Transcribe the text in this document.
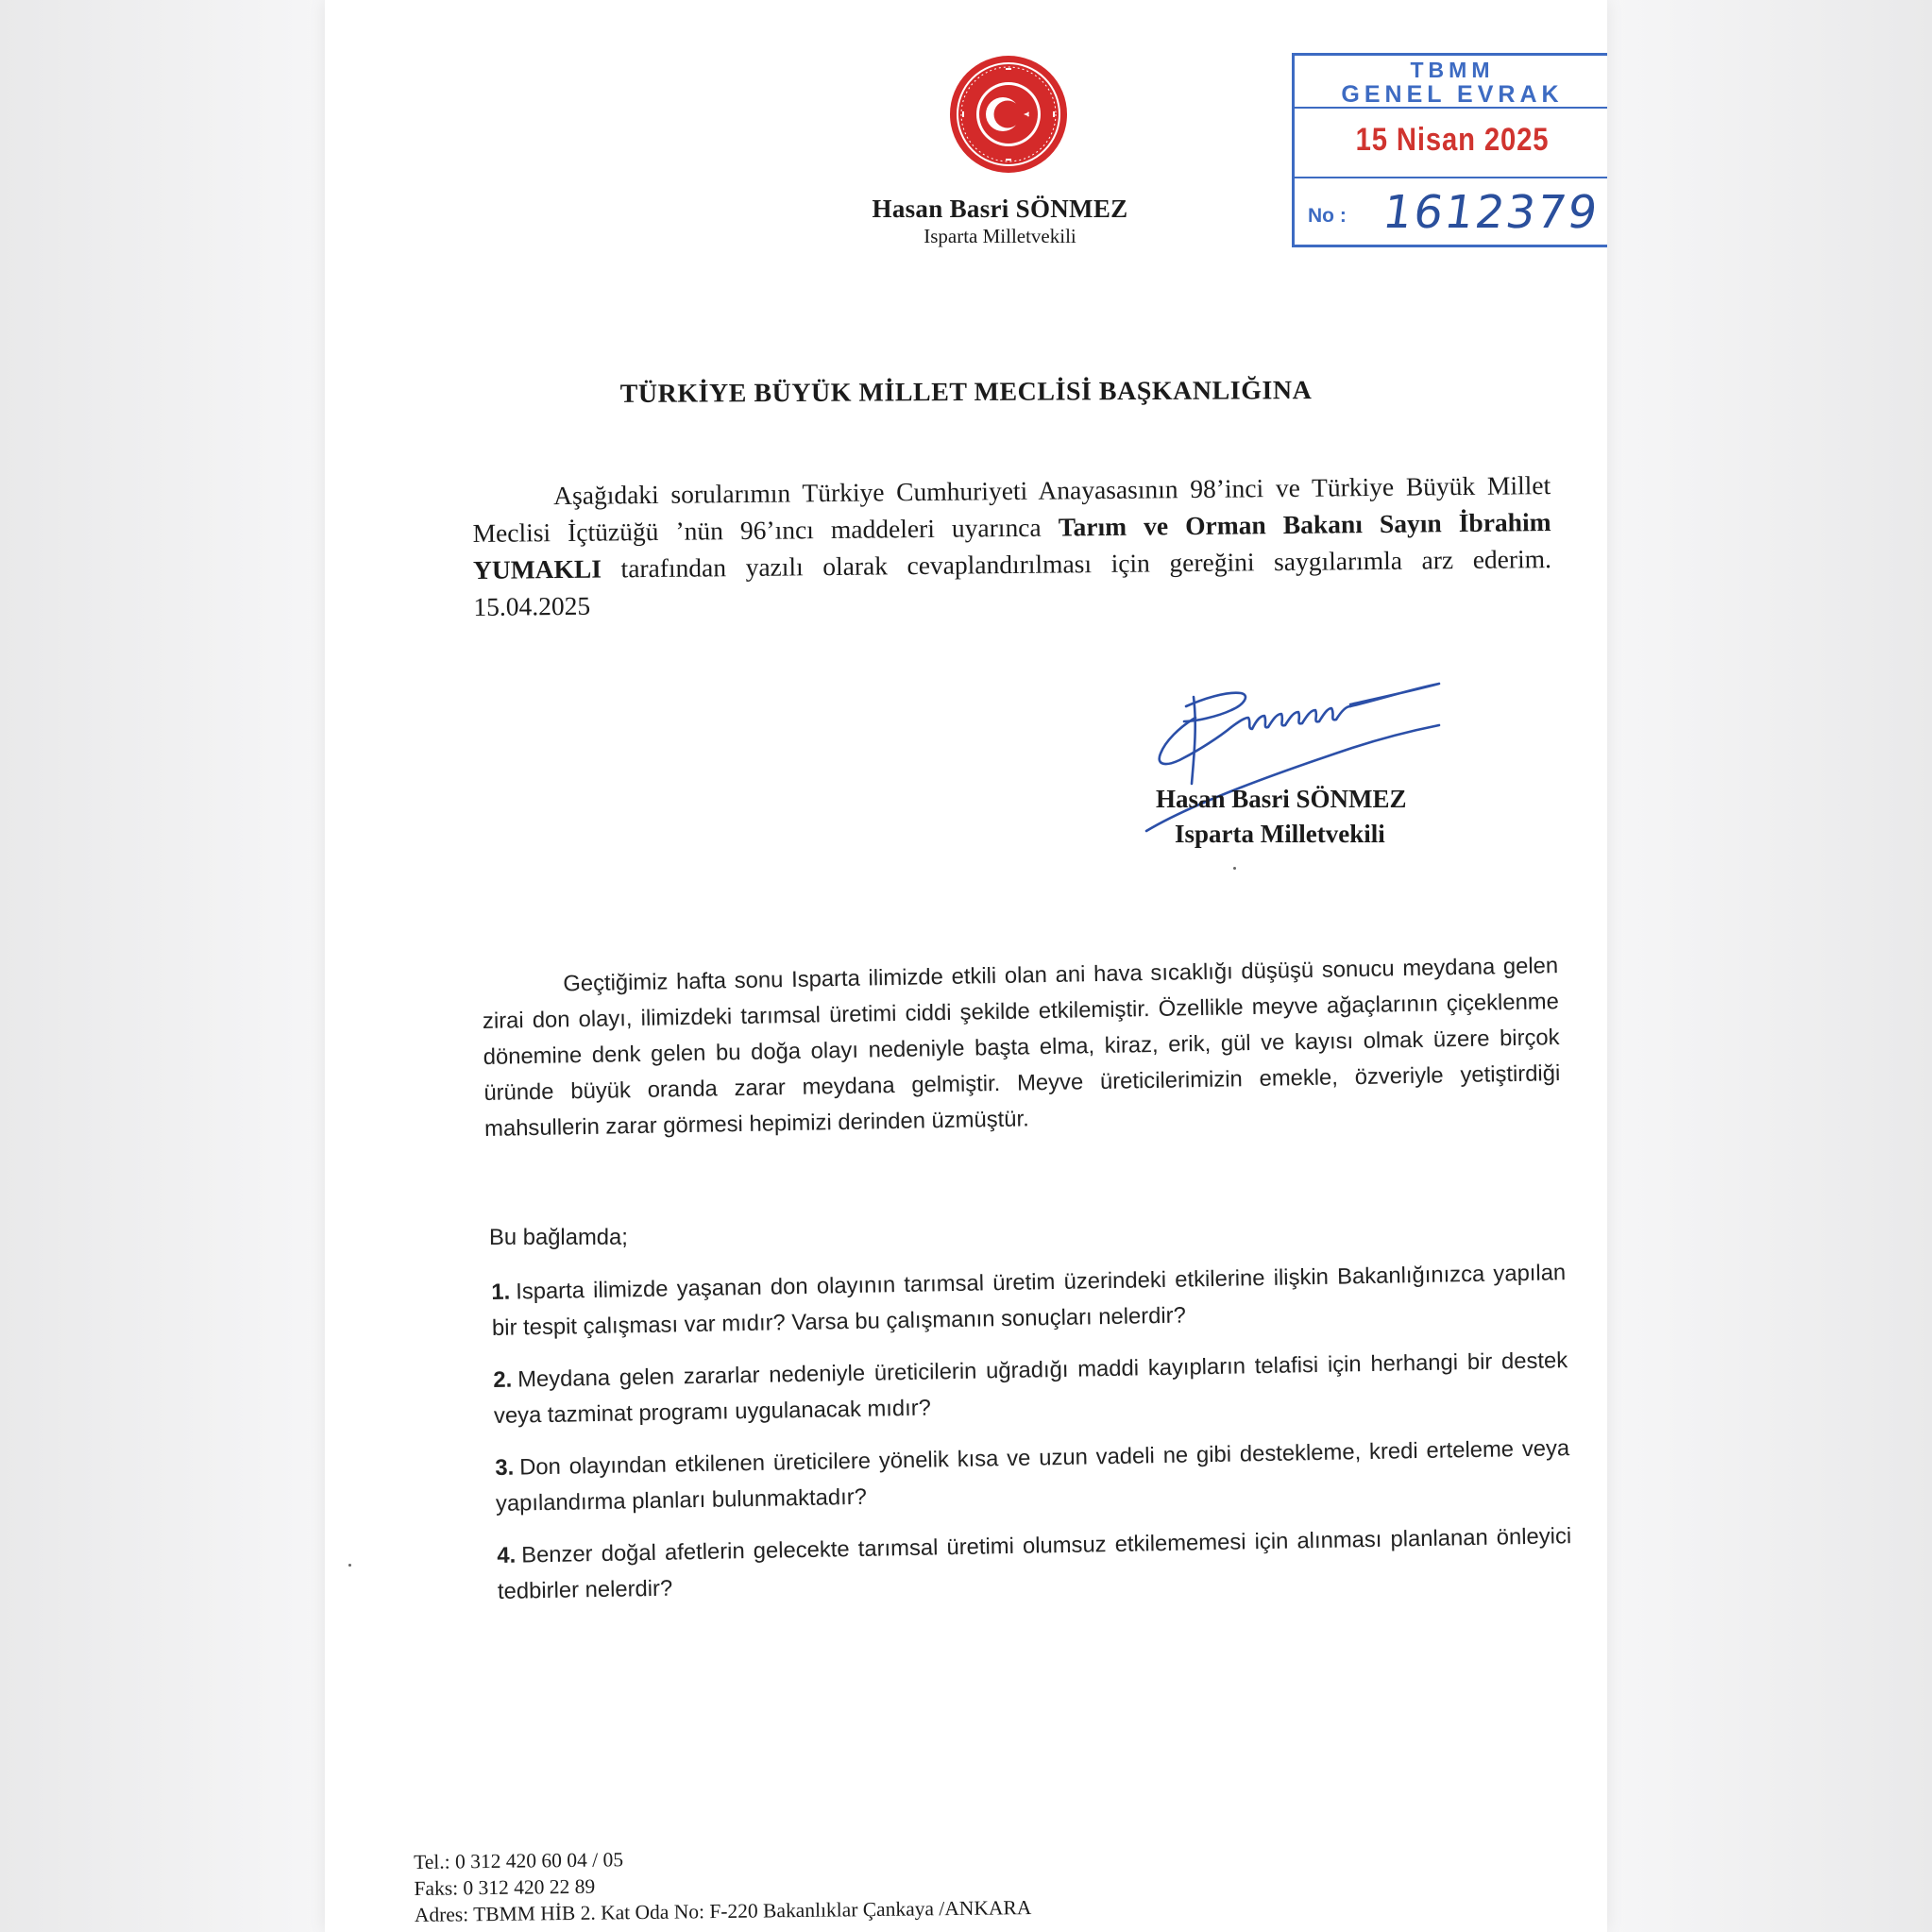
Hasan Basri SÖNMEZ
Isparta Milletvekili
TBMM
GENEL EVRAK
15 Nisan 2025
No : 1612379
TÜRKİYE BÜYÜK MİLLET MECLİSİ BAŞKANLIĞINA
Aşağıdaki sorularımın Türkiye Cumhuriyeti Anayasasının 98’inci ve Türkiye Büyük Millet Meclisi İçtüzüğü ’nün 96’ıncı maddeleri uyarınca Tarım ve Orman Bakanı Sayın İbrahim YUMAKLI tarafından yazılı olarak cevaplandırılması için gereğini saygılarımla arz ederim. 15.04.2025
Hasan Basri SÖNMEZ
Isparta Milletvekili
Geçtiğimiz hafta sonu Isparta ilimizde etkili olan ani hava sıcaklığı düşüşü sonucu meydana gelen zirai don olayı, ilimizdeki tarımsal üretimi ciddi şekilde etkilemiştir. Özellikle meyve ağaçlarının çiçeklenme dönemine denk gelen bu doğa olayı nedeniyle başta elma, kiraz, erik, gül ve kayısı olmak üzere birçok üründe büyük oranda zarar meydana gelmiştir. Meyve üreticilerimizin emekle, özveriyle yetiştirdiği mahsullerin zarar görmesi hepimizi derinden üzmüştür.
Bu bağlamda;
1. Isparta ilimizde yaşanan don olayının tarımsal üretim üzerindeki etkilerine ilişkin Bakanlığınızca yapılan bir tespit çalışması var mıdır? Varsa bu çalışmanın sonuçları nelerdir?
2. Meydana gelen zararlar nedeniyle üreticilerin uğradığı maddi kayıpların telafisi için herhangi bir destek veya tazminat programı uygulanacak mıdır?
3. Don olayından etkilenen üreticilere yönelik kısa ve uzun vadeli ne gibi destekleme, kredi erteleme veya yapılandırma planları bulunmaktadır?
4. Benzer doğal afetlerin gelecekte tarımsal üretimi olumsuz etkilememesi için alınması planlanan önleyici tedbirler nelerdir?
Tel.: 0 312 420 60 04 / 05
Faks: 0 312 420 22 89
Adres: TBMM HİB 2. Kat Oda No: F-220 Bakanlıklar Çankaya /ANKARA
